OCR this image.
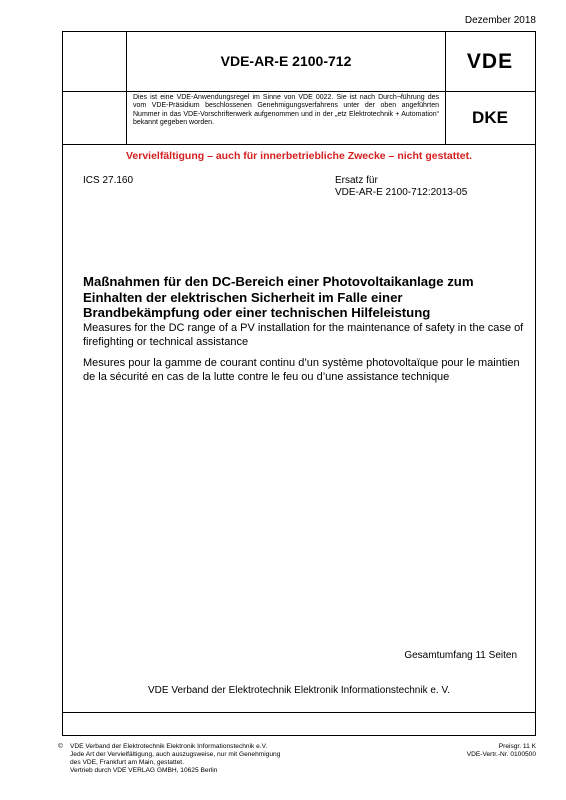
Dezember 2018
VDE-AR-E 2100-712	VDE
Dies ist eine VDE-Anwendungsregel im Sinne von VDE 0022. Sie ist nach Durch¬führung des vom VDE-Präsidium beschlossenen Genehmigungsverfahrens unter der oben angeführten Nummer in das VDE-Vorschriftenwerk aufgenommen und in der „etz Elektrotechnik + Automation“ bekannt gegeben worden.	DKE
Vervielfältigung – auch für innerbetriebliche Zwecke – nicht gestattet.
ICS 27.160	Ersatz für
VDE-AR-E 2100-712:2013-05
Maßnahmen für den DC-Bereich einer Photovoltaikanlage zum Einhalten der elektrischen Sicherheit im Falle einer Brandbekämpfung oder einer technischen Hilfeleistung
Measures for the DC range of a PV installation for the maintenance of safety in the case of firefighting or technical assistance
Mesures pour la gamme de courant continu d’un système photovoltaïque pour le maintien de la sécurité en cas de la lutte contre le feu ou d’une assistance technique
Gesamtumfang 11 Seiten
VDE Verband der Elektrotechnik Elektronik Informationstechnik e. V.
©	VDE Verband der Elektrotechnik Elektronik Informationstechnik e.V.
Jede Art der Vervielfältigung, auch auszugsweise, nur mit Genehmigung
des VDE, Frankfurt am Main, gestattet.
Vertrieb durch VDE VERLAG GMBH, 10625 Berlin
Preisgr. 11 K
VDE-Vertr.-Nr. 0100500
